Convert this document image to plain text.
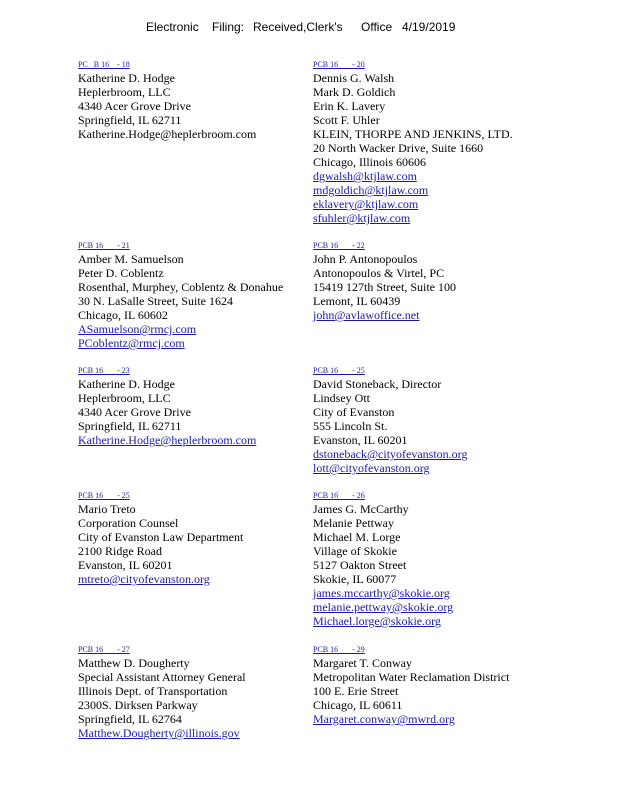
Electronic Filing: Received,Clerk's Office 4/19/2019
PC   B 16    - 18
Katherine D. Hodge
Heplerbroom, LLC
4340 Acer Grove Drive
Springfield, IL 62711
Katherine.Hodge@heplerbroom.com
PCB 16       - 20
Dennis G. Walsh
Mark D. Goldich
Erin K. Lavery
Scott F. Uhler
KLEIN, THORPE AND JENKINS, LTD.
20 North Wacker Drive, Suite 1660
Chicago, Illinois 60606
dgwalsh@ktjlaw.com
mdgoldich@ktjlaw.com
eklavery@ktjlaw.com
sfuhler@ktjlaw.com
PCB 16       - 21
Amber M. Samuelson
Peter D. Coblentz
Rosenthal, Murphey, Coblentz & Donahue
30 N. LaSalle Street, Suite 1624
Chicago, IL 60602
ASamuelson@rmcj.com
PCoblentz@rmcj.com
PCB 16       - 22
John P. Antonopoulos
Antonopoulos & Virtel, PC
15419 127th Street, Suite 100
Lemont, IL 60439
john@avlawoffice.net
PCB 16       - 23
Katherine D. Hodge
Heplerbroom, LLC
4340 Acer Grove Drive
Springfield, IL 62711
Katherine.Hodge@heplerbroom.com
PCB 16       - 25
David Stoneback, Director
Lindsey Ott
City of Evanston
555 Lincoln St.
Evanston, IL 60201
dstoneback@cityofevanston.org
lott@cityofevanston.org
PCB 16       - 25
Mario Treto
Corporation Counsel
City of Evanston Law Department
2100 Ridge Road
Evanston, IL 60201
mtreto@cityofevanston.org
PCB 16       - 26
James G. McCarthy
Melanie Pettway
Michael M. Lorge
Village of Skokie
5127 Oakton Street
Skokie, IL 60077
james.mccarthy@skokie.org
melanie.pettway@skokie.org
Michael.lorge@skokie.org
PCB 16       - 27
Matthew D. Dougherty
Special Assistant Attorney General
Illinois Dept. of Transportation
2300S. Dirksen Parkway
Springfield, IL 62764
Matthew.Dougherty@illinois.gov
PCB 16       - 29
Margaret T. Conway
Metropolitan Water Reclamation District
100 E. Erie Street
Chicago, IL 60611
Margaret.conway@mwrd.org
